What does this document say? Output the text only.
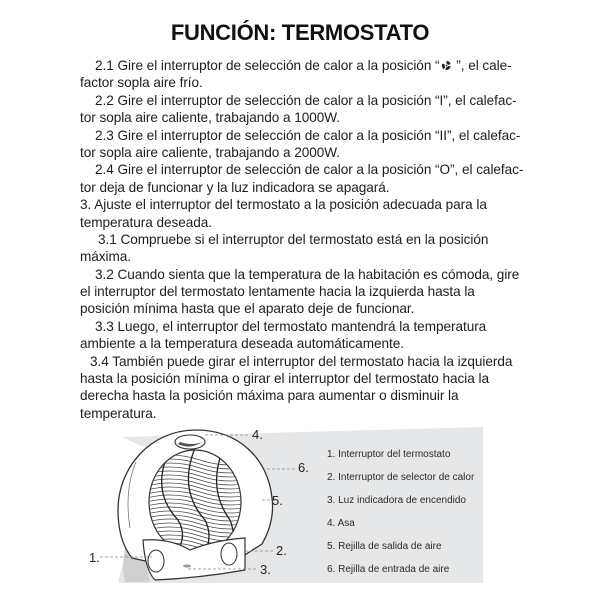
FUNCIÓN: TERMOSTATO
2.1 Gire el interruptor de selección de calor a la posición “ ”, el cale-
factor sopla aire frío.
2.2 Gire el interruptor de selección de calor a la posición “I”, el calefac-
tor sopla aire caliente, trabajando a 1000W.
2.3 Gire el interruptor de selección de calor a la posición “II”, el calefac-
tor sopla aire caliente, trabajando a 2000W.
2.4 Gire el interruptor de selección de calor a la posición “O”, el calefac-
tor deja de funcionar y la luz indicadora se apagará.
3. Ajuste el interruptor del termostato a la posición adecuada para la
temperatura deseada.
3.1 Compruebe si el interruptor del termostato está en la posición
máxima.
3.2 Cuando sienta que la temperatura de la habitación es cómoda, gire
el interruptor del termostato lentamente hacia la izquierda hasta la
posición mínima hasta que el aparato deje de funcionar.
3.3 Luego, el interruptor del termostato mantendrá la temperatura
ambiente a la temperatura deseada automáticamente.
3.4 También puede girar el interruptor del termostato hacia la izquierda
hasta la posición mínima o girar el interruptor del termostato hacia la
derecha hasta la posición máxima para aumentar o disminuir la
temperatura.
1.	2.
3.
4.
5.
6.
1. Interruptor del termostato
2. Interruptor de selector de calor
3. Luz indicadora de encendido
4. Asa
5. Rejilla de salida de aire
6. Rejilla de entrada de aire
